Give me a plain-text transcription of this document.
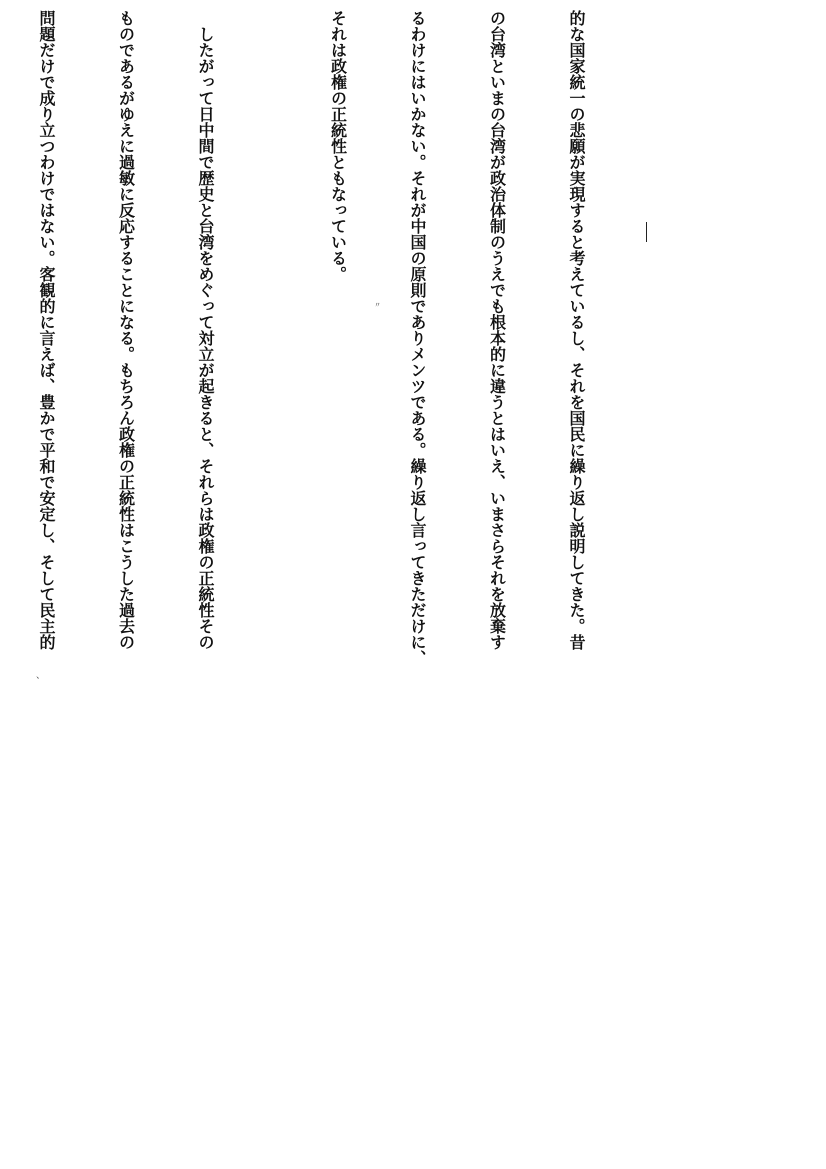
的な国家統一の悲願が実現すると考えているし、それを国民に繰り返し説明してきた。昔

の台湾といまの台湾が政治体制のうえでも根本的に違うとはいえ、いまさらそれを放棄す

るわけにはいかない。それが中国の原則でありメンツである。繰り返し言ってきただけに、

それは政権の正統性ともなっている。

　したがって日中間で歴史と台湾をめぐって対立が起きると、それらは政権の正統性その

ものであるがゆえに過敏に反応することになる。もちろん政権の正統性はこうした過去の

問題だけで成り立つわけではない。客観的に言えば、豊かで平和で安定し、そして民主的

	〃
、
